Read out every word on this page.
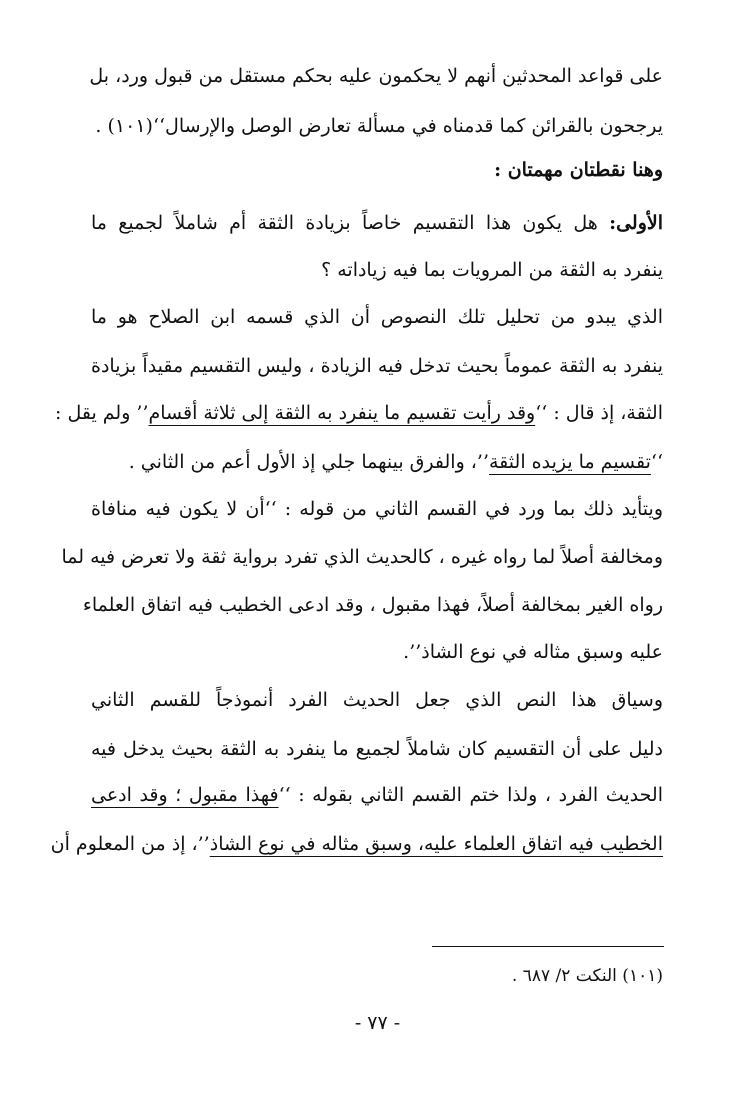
على قواعد المحدثين أنهم لا يحكمون عليه بحكم مستقل من قبول ورد، بل
يرجحون بالقرائن كما قدمناه في مسألة تعارض الوصل والإرسال‘‘(١٠١) .
وهنا نقطتان مهمتان :
الأولى: هل يكون هذا التقسيم خاصاً بزيادة الثقة أم شاملاً لجميع ما
ينفرد به الثقة من المرويات بما فيه زياداته ؟
الذي يبدو من تحليل تلك النصوص أن الذي قسمه ابن الصلاح هو ما
ينفرد به الثقة عموماً بحيث تدخل فيه الزيادة ، وليس التقسيم مقيداً بزيادة
الثقة، إذ قال : ‘‘وقد رأيت تقسيم ما ينفرد به الثقة إلى ثلاثة أقسام’’ ولم يقل :
‘‘تقسيم ما يزيده الثقة’’، والفرق بينهما جلي إذ الأول أعم من الثاني .
ويتأيد ذلك بما ورد في القسم الثاني من قوله : ‘‘أن لا يكون فيه منافاة
ومخالفة أصلاً لما رواه غيره ، كالحديث الذي تفرد برواية ثقة ولا تعرض فيه لما
رواه الغير بمخالفة أصلاً، فهذا مقبول ، وقد ادعى الخطيب فيه اتفاق العلماء
عليه وسبق مثاله في نوع الشاذ’’.
وسياق هذا النص الذي جعل الحديث الفرد أنموذجاً للقسم الثاني
دليل على أن التقسيم كان شاملاً لجميع ما ينفرد به الثقة بحيث يدخل فيه
الحديث الفرد ، ولذا ختم القسم الثاني بقوله : ‘‘فهذا مقبول ؛ وقد ادعى
الخطيب فيه اتفاق العلماء عليه، وسبق مثاله في نوع الشاذ’’، إذ من المعلوم أن
(١٠١) النكت ٢/ ٦٨٧ .
- ٧٧ -
